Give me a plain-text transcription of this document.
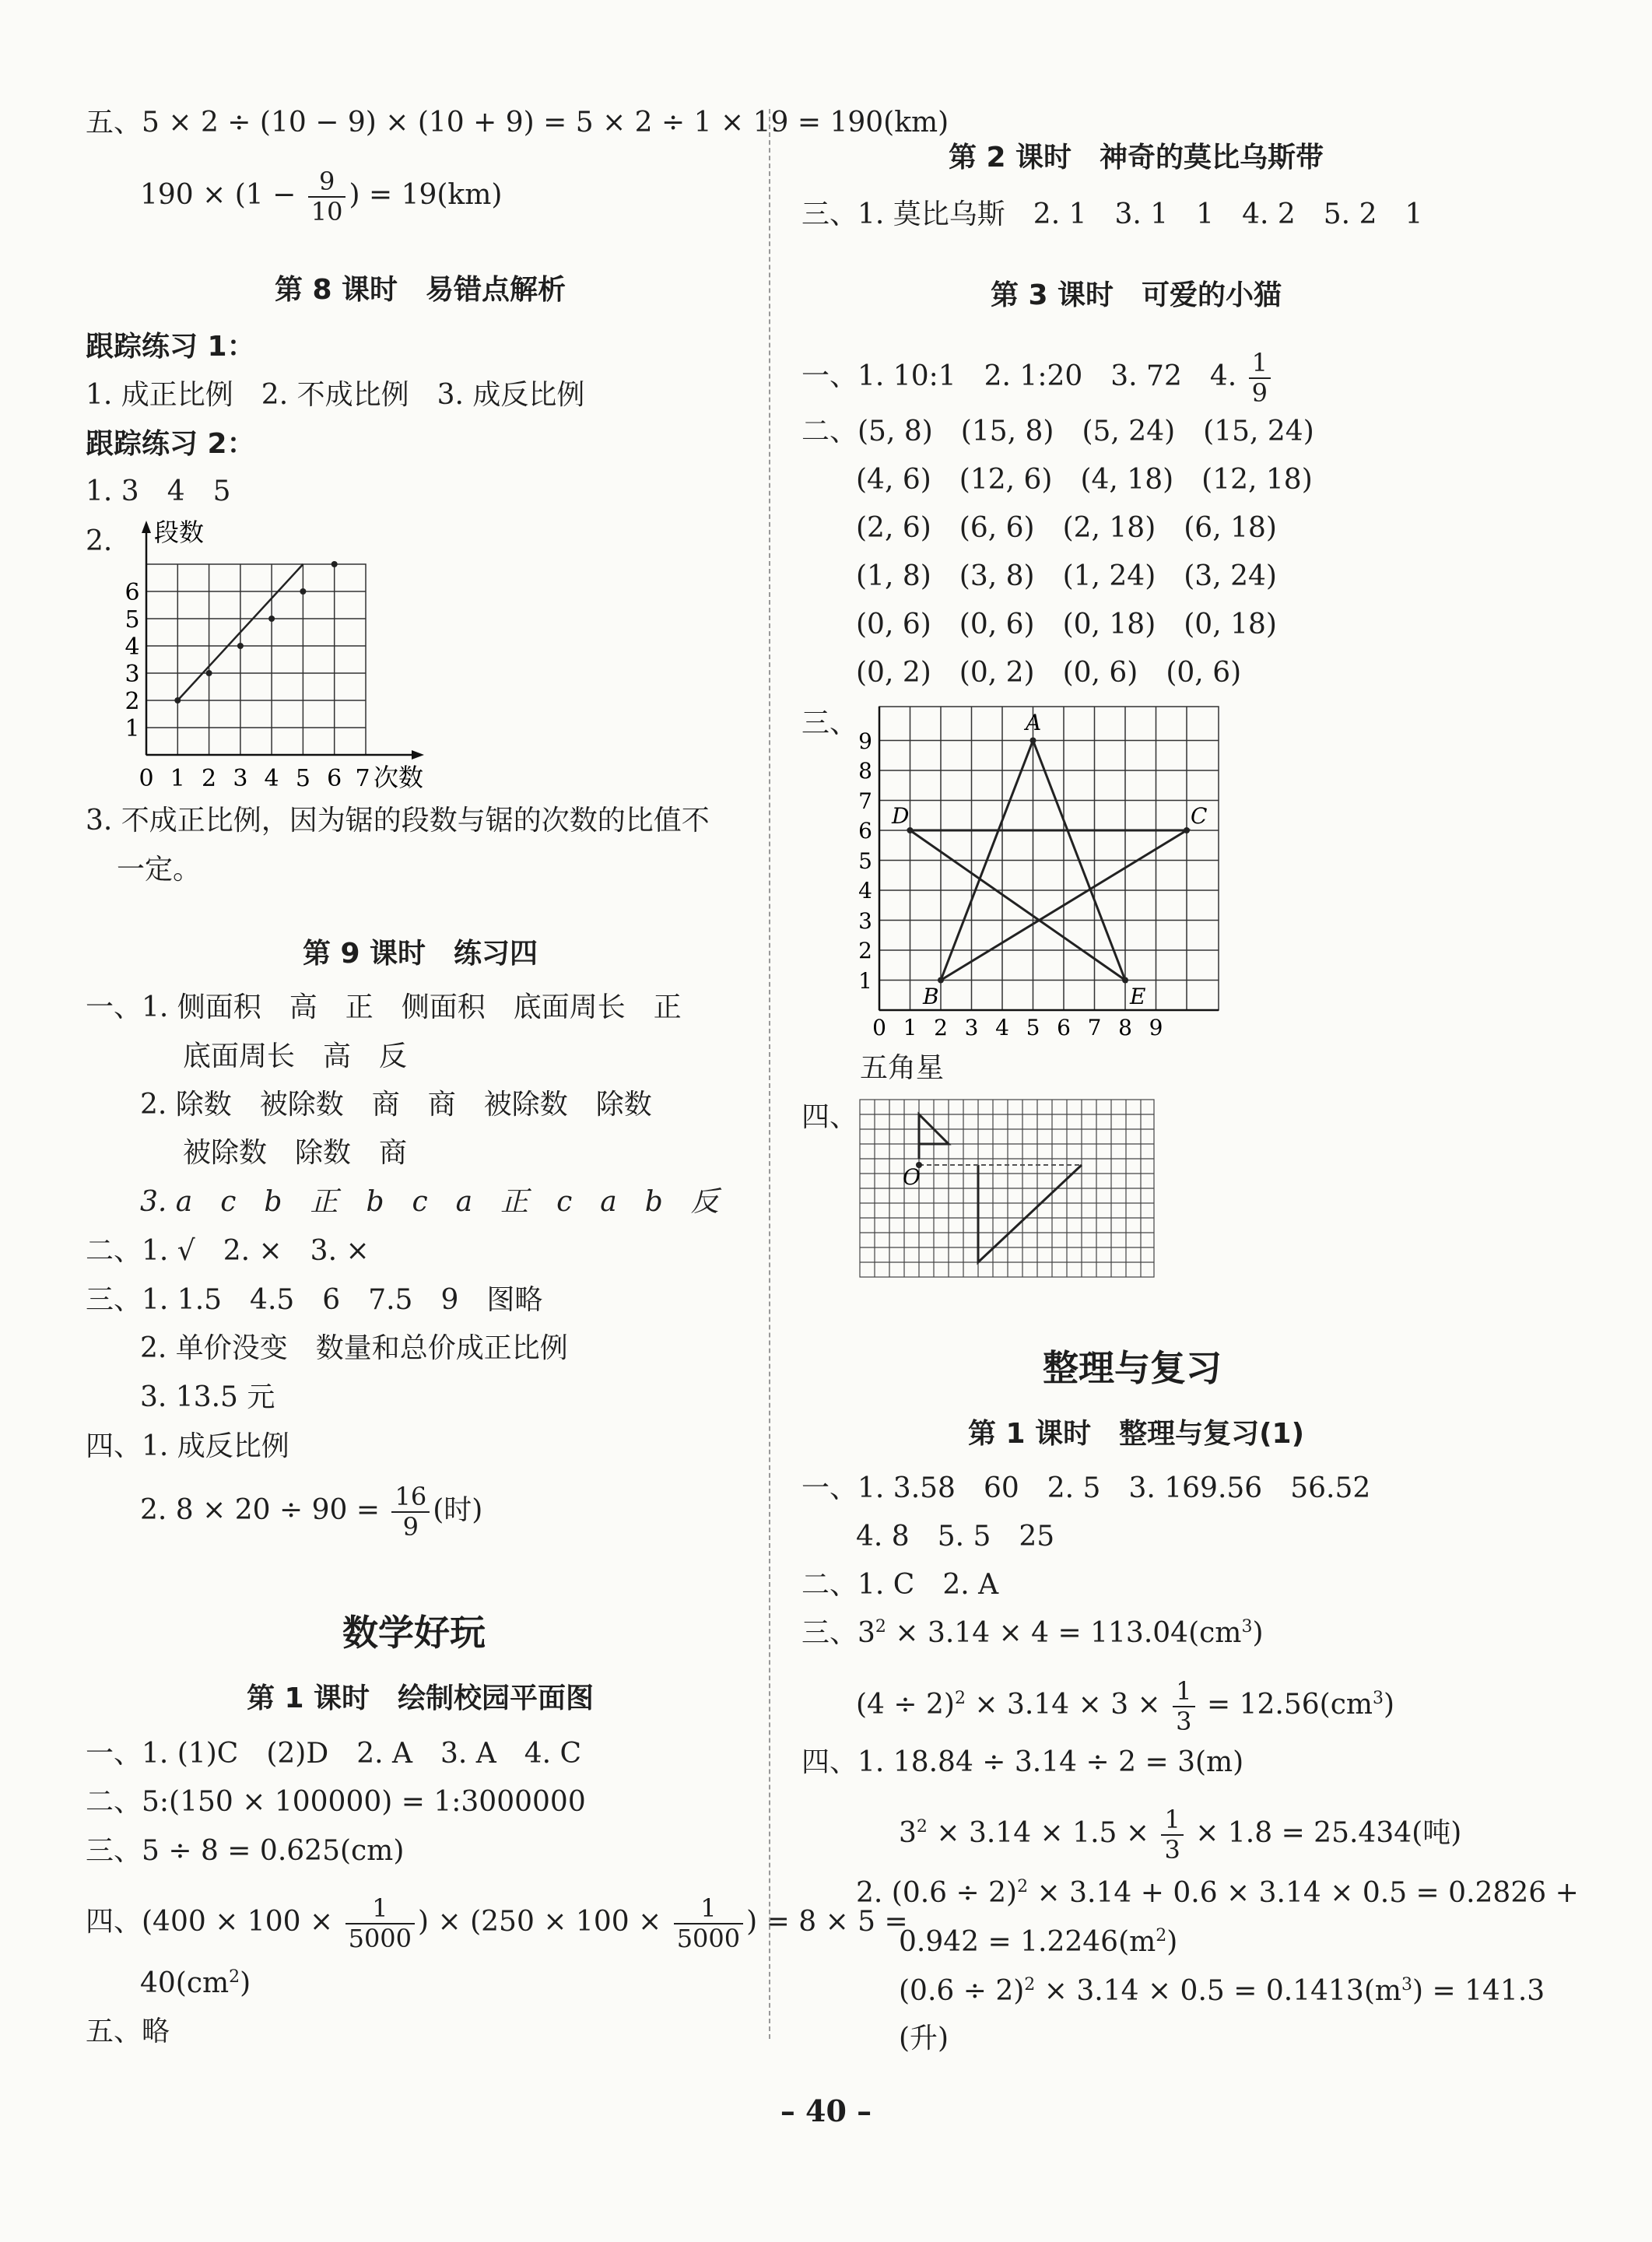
五、5 × 2 ÷ (10 − 9) × (10 + 9) = 5 × 2 ÷ 1 × 19 = 190(km)
$190 \times (1 - \frac{9}{10}$ ) = 19(km)
第 8 课时　易错点解析
跟踪练习 1：
1. 成正比例　2. 不成比例　3. 成反比例
跟踪练习 2：
1. 3　4　5
2. 段数
次数
1
2
3
4
5
6
0 1 2 3 4 5 6 7
3. 不成正比例，因为锯的段数与锯的次数的比值不
一定。
第 9 课时　练习四
一、1. 侧面积　高　正　侧面积　底面周长　正
底面周长　高　反
2. 除数　被除数　商　商　被除数　除数
被除数　除数　商
3. a　c　b　正　b　c　a　正　c　a　b　反
二、1. √　2. ×　3. ×
三、1. 1.5　4.5　6　7.5　9　图略
2. 单价没变　数量和总价成正比例
3. 13.5 元
四、1. 成反比例
2. $8 \times 20 \div 90 = \frac{16}{9}$ (时)
数学好玩
第 1 课时　绘制校园平面图
一、1. (1)C　(2)D　2. A　3. A　4. C
二、5:(150 × 100000) = 1:3000000
三、5 ÷ 8 = 0.625(cm)
四、($400 \times 100 \times \frac{1}{5000}$ ) × ($250 \times 100 \times \frac{1}{5000}$ ) = 8 × 5 =
$40(cm^2)$
五、略
第 2 课时　神奇的莫比乌斯带
三、1. 莫比乌斯　2. 1　3. 1　1　4. 2　5. 2　1
第 3 课时　可爱的小猫
一、1. 10:1　2. 1:20　3. 72　4. $\frac{1}{9}$
二、(5, 8)　(15, 8)　(5, 24)　(15, 24)
(4, 6)　(12, 6)　(4, 18)　(12, 18)
(2, 6)　(6, 6)　(2, 18)　(6, 18)
(1, 8)　(3, 8)　(1, 24)　(3, 24)
(0, 6)　(0, 6)　(0, 18)　(0, 18)
(0, 2)　(0, 2)　(0, 6)　(0, 6)
三、
1
2
3
4
5
6
7
8
9
0 1 2 3 4 5 6 7 8 9
A
B
C
D
E
五角星
四、
O
整理与复习
第 1 课时　整理与复习(1)
一、1. 3.58　60　2. 5　3. 169.56　56.52
4. 8　5. 5　25
二、1. C　2. A
三、$3^2 \times 3.14 \times 4 = 113.04(cm^3)$
$(4 \div 2)^2 \times 3.14 \times 3 \times \frac{1}{3} = 12.56(cm^3)$
四、1. 18.84 ÷ 3.14 ÷ 2 = 3(m)
$3^2 \times 3.14 \times 1.5 \times \frac{1}{3} \times 1.8 = 25.434$(吨)
2. $(0.6 \div 2)^2 \times 3.14 + 0.6 \times 3.14 \times 0.5 = 0.2826$ +
$0.942 = 1.2246(m^2)$
$(0.6 \div 2)^2 \times 3.14 \times 0.5 = 0.1413(m^3) = 141.3$
(升)
– 40 –
